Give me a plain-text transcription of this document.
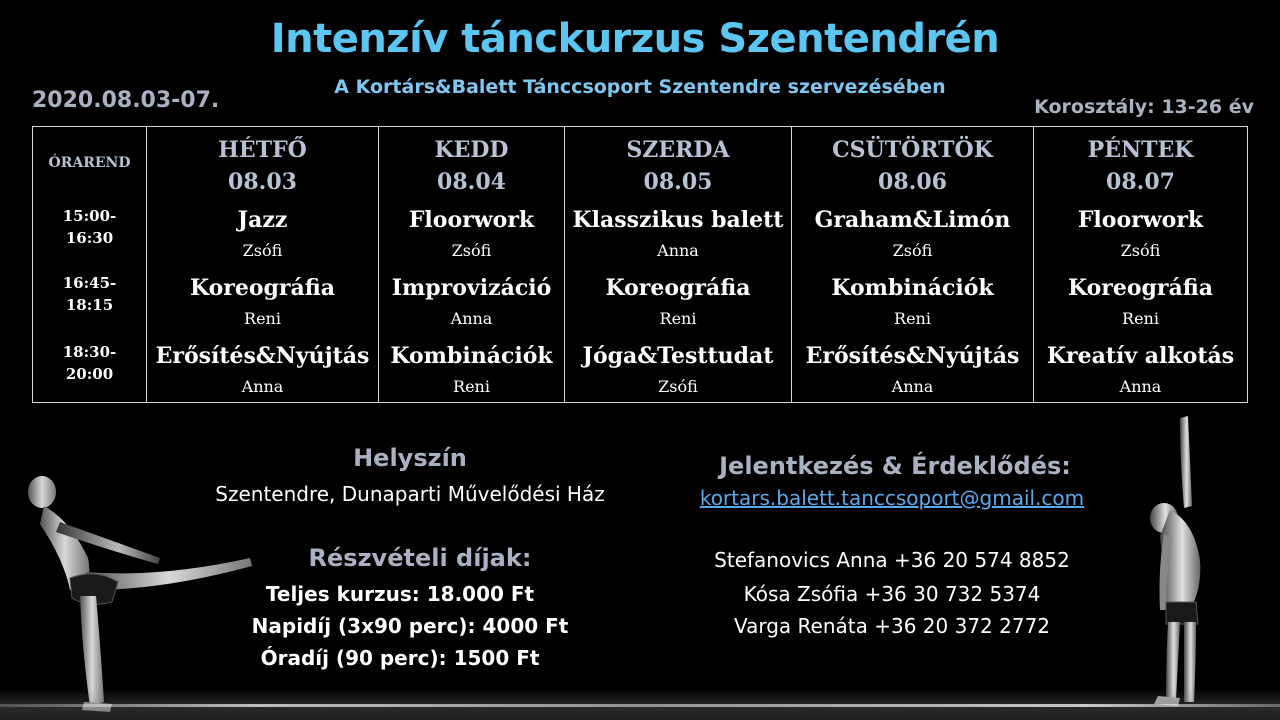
Intenzív tánckurzus Szentendrén
A Kortárs&Balett Tánccsoport Szentendre szervezésében
2020.08.03-07.	Korosztály: 13-26 év
ÓRAREND
15:00-
16:30
16:45-
18:15
18:30-
20:00
HÉTFŐ
08.03
Jazz
Zsófi
Koreográfia
Reni
Erősítés&Nyújtás
Anna
KEDD
08.04
Floorwork
Zsófi
Improvizáció
Anna
Kombinációk
Reni
SZERDA
08.05
Klasszikus balett
Anna
Koreográfia
Reni
Jóga&Testtudat
Zsófi
CSÜTÖRTÖK
08.06
Graham&Limón
Zsófi
Kombinációk
Reni
Erősítés&Nyújtás
Anna
PÉNTEK
08.07
Floorwork
Zsófi
Koreográfia
Reni
Kreatív alkotás
Anna
Helyszín
Szentendre, Dunaparti Művelődési Ház
Részvételi díjak:
Teljes kurzus: 18.000 Ft
Napidíj (3x90 perc): 4000 Ft
Óradíj (90 perc): 1500 Ft
Jelentkezés & Érdeklődés:
kortars.balett.tanccsoport@gmail.com
Stefanovics Anna +36 20 574 8852
Kósa Zsófia +36 30 732 5374
Varga Renáta +36 20 372 2772
